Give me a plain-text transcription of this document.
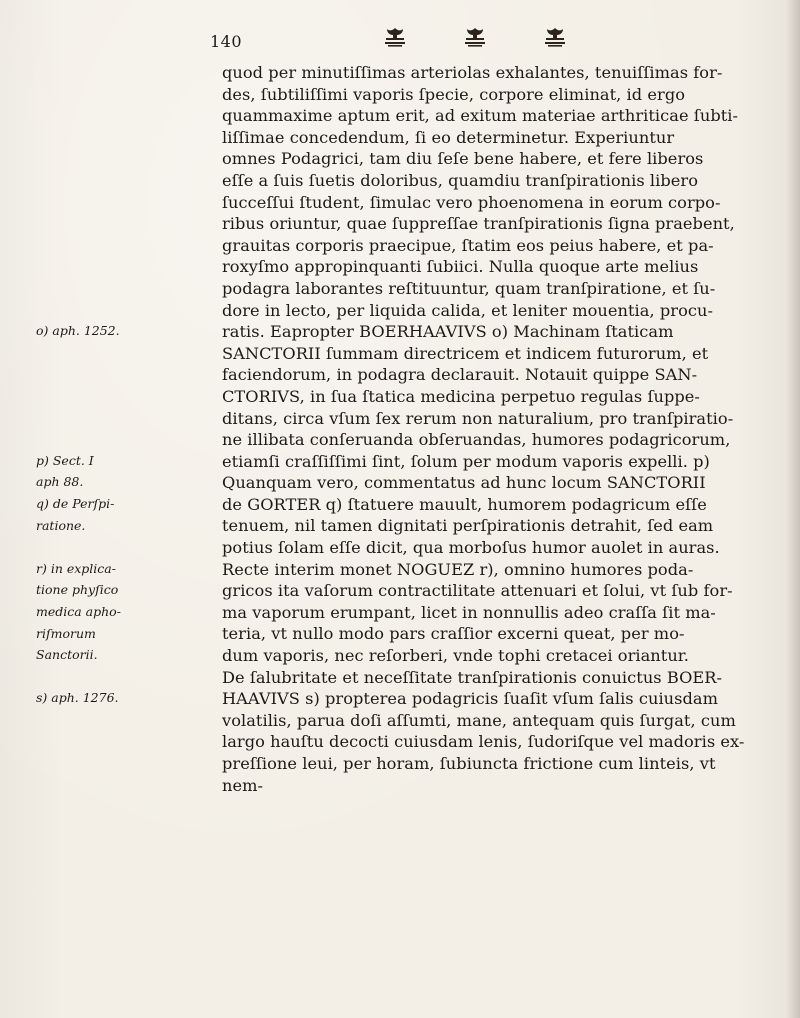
140
quod per minutiſſimas arteriolas exhalantes, tenuiſſimas for-
des, ſubtiliſſimi vaporis ſpecie, corpore eliminat, id ergo
quammaxime aptum erit, ad exitum materiae arthriticae ſubti-
liſſimae concedendum, ſi eo determinetur. Experiuntur
omnes Podagrici, tam diu ſeſe bene habere, et fere liberos
eſſe a ſuis ſuetis doloribus, quamdiu tranſpirationis libero
ſucceſſui ſtudent, ſimulac vero phoenomena in eorum corpo-
ribus oriuntur, quae ſuppreſſae tranſpirationis ſigna praebent,
grauitas corporis praecipue, ſtatim eos peius habere, et pa-
roxyſmo appropinquanti ſubiici. Nulla quoque arte melius
podagra laborantes reſtituuntur, quam tranſpiratione, et ſu-
dore in lecto, per liquida calida, et leniter mouentia, procu-
ratis. Eapropter BOERHAAVIVS o) Machinam ſtaticam
SANCTORII ſummam directricem et indicem futurorum, et
faciendorum, in podagra declarauit. Notauit quippe SAN-
CTORIVS, in ſua ſtatica medicina perpetuo regulas ſuppe-
ditans, circa vſum ſex rerum non naturalium, pro tranſpiratio-
ne illibata conſeruanda obſeruandas, humores podagricorum,
etiamſi craſſiſſimi ſint, ſolum per modum vaporis expelli. p)
Quanquam vero, commentatus ad hunc locum SANCTORII
de GORTER q) ſtatuere mauult, humorem podagricum eſſe
tenuem, nil tamen dignitati perſpirationis detrahit, ſed eam
potius ſolam eſſe dicit, qua morboſus humor auolet in auras.
Recte interim monet NOGUEZ r), omnino humores poda-
gricos ita vaſorum contractilitate attenuari et ſolui, vt ſub for-
ma vaporum erumpant, licet in nonnullis adeo craſſa ſit ma-
teria, vt nullo modo pars craſſior excerni queat, per mo-
dum vaporis, nec reſorberi, vnde tophi cretacei oriantur.
De ſalubritate et neceſſitate tranſpirationis conuictus BOER-
HAAVIVS s) propterea podagricis ſuaſit vſum ſalis cuiusdam
volatilis, parua doſi aſſumti, mane, antequam quis ſurgat, cum
largo hauſtu decocti cuiusdam lenis, ſudoriſque vel madoris ex-
preſſione leui, per horam, ſubiuncta frictione cum linteis, vt
nem-
o) aph. 1252.
p) Sect. I
aph 88.
q) de Perſpi-
ratione.
r) in explica-
tione phyſico
medica apho-
riſmorum
Sanctorii.
s) aph. 1276.
